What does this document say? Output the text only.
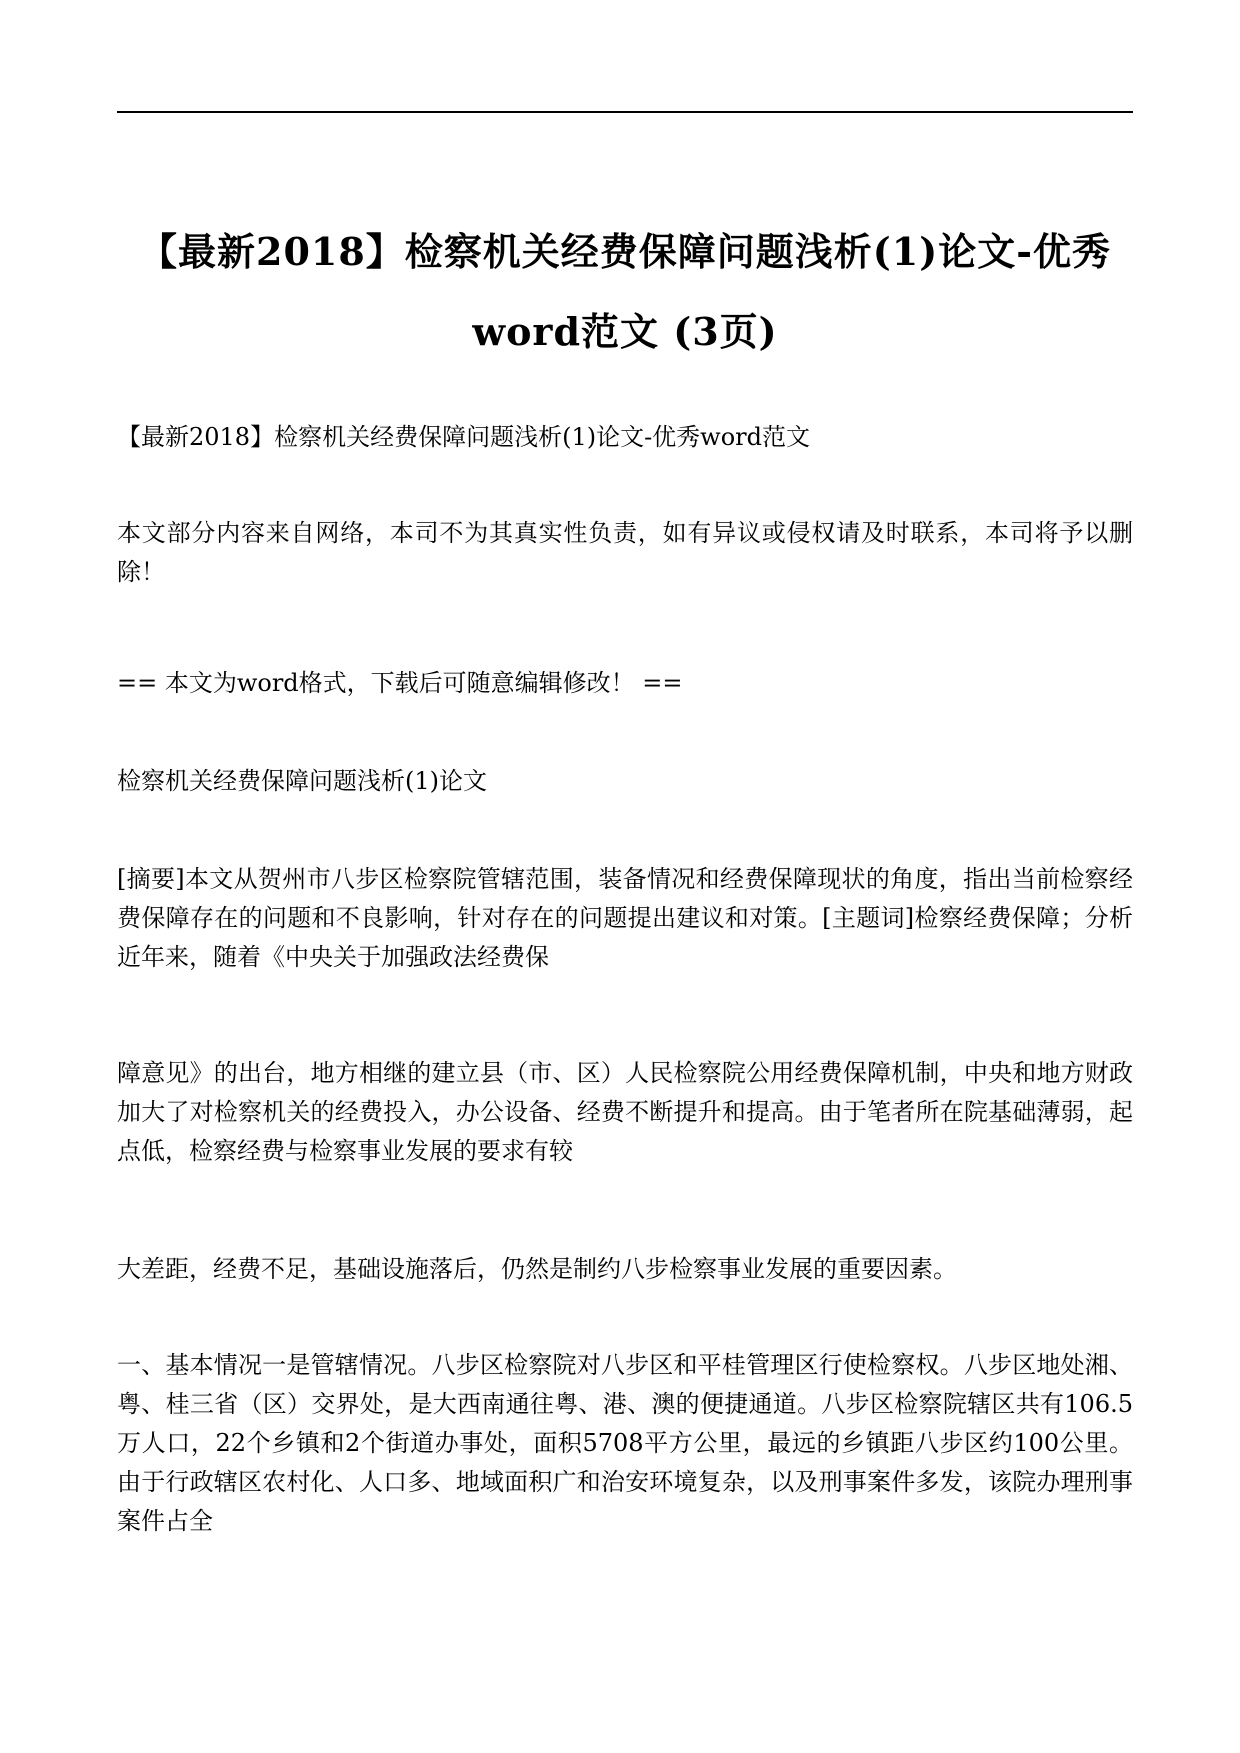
【最新2018】检察机关经费保障问题浅析(1)论文-优秀word范文 (3页)

【最新2018】检察机关经费保障问题浅析(1)论文-优秀word范文

本文部分内容来自网络，本司不为其真实性负责，如有异议或侵权请及时联系，本司将予以删除！

== 本文为word格式，下载后可随意编辑修改！ ==

检察机关经费保障问题浅析(1)论文

[摘要]本文从贺州市八步区检察院管辖范围，装备情况和经费保障现状的角度，指出当前检察经费保障存在的问题和不良影响，针对存在的问题提出建议和对策。[主题词]检察经费保障；分析近年来，随着《中央关于加强政法经费保

障意见》的出台，地方相继的建立县（市、区）人民检察院公用经费保障机制，中央和地方财政加大了对检察机关的经费投入，办公设备、经费不断提升和提高。由于笔者所在院基础薄弱，起点低，检察经费与检察事业发展的要求有较

大差距，经费不足，基础设施落后，仍然是制约八步检察事业发展的重要因素。

一、基本情况一是管辖情况。八步区检察院对八步区和平桂管理区行使检察权。八步区地处湘、粤、桂三省（区）交界处，是大西南通往粤、港、澳的便捷通道。八步区检察院辖区共有106.5万人口，22个乡镇和2个街道办事处，面积5708平方公里，最远的乡镇距八步区约100公里。由于行政辖区农村化、人口多、地域面积广和治安环境复杂，以及刑事案件多发，该院办理刑事案件占全
